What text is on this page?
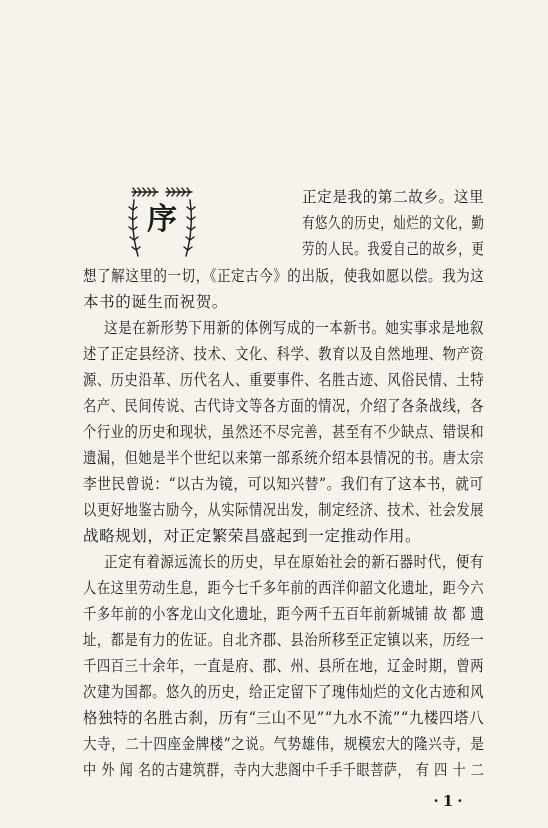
序
正定是我的第二故乡。这里
有悠久的历史，灿烂的文化，勤
劳的人民。我爱自己的故乡，更
想了解这里的一切，《正定古今》的出版，使我如愿以偿。我为这
本书的诞生而祝贺。
这是在新形势下用新的体例写成的一本新书。她实事求是地叙
述了正定县经济、技术、文化、科学、教育以及自然地理、物产资
源、历史沿革、历代名人、重要事件、名胜古迹、风俗民情、土特
名产、民间传说、古代诗文等各方面的情况，介绍了各条战线，各
个行业的历史和现状，虽然还不尽完善，甚至有不少缺点、错误和
遗漏，但她是半个世纪以来第一部系统介绍本县情况的书。唐太宗
李世民曾说：“以古为镜，可以知兴替”。我们有了这本书，就可
以更好地鉴古励今，从实际情况出发，制定经济、技术、社会发展
战略规划，对正定繁荣昌盛起到一定推动作用。
正定有着源远流长的历史，早在原始社会的新石器时代，便有
人在这里劳动生息，距今七千多年前的西洋仰韶文化遗址，距今六
千多年前的小客龙山文化遗址，距今两千五百年前新城铺 故 都 遗
址，都是有力的佐证。自北齐郡、县治所移至正定镇以来，历经一
千四百三十余年，一直是府、郡、州、县所在地，辽金时期，曾两
次建为国都。悠久的历史，给正定留下了瑰伟灿烂的文化古迹和风
格独特的名胜古刹，历有“三山不见”“九水不流”“九楼四塔八
大寺，二十四座金牌楼”之说。气势雄伟，规模宏大的隆兴寺，是
中 外 闻 名的古建筑群，寺内大悲阁中千手千眼菩萨， 有 四 十 二
·1·
